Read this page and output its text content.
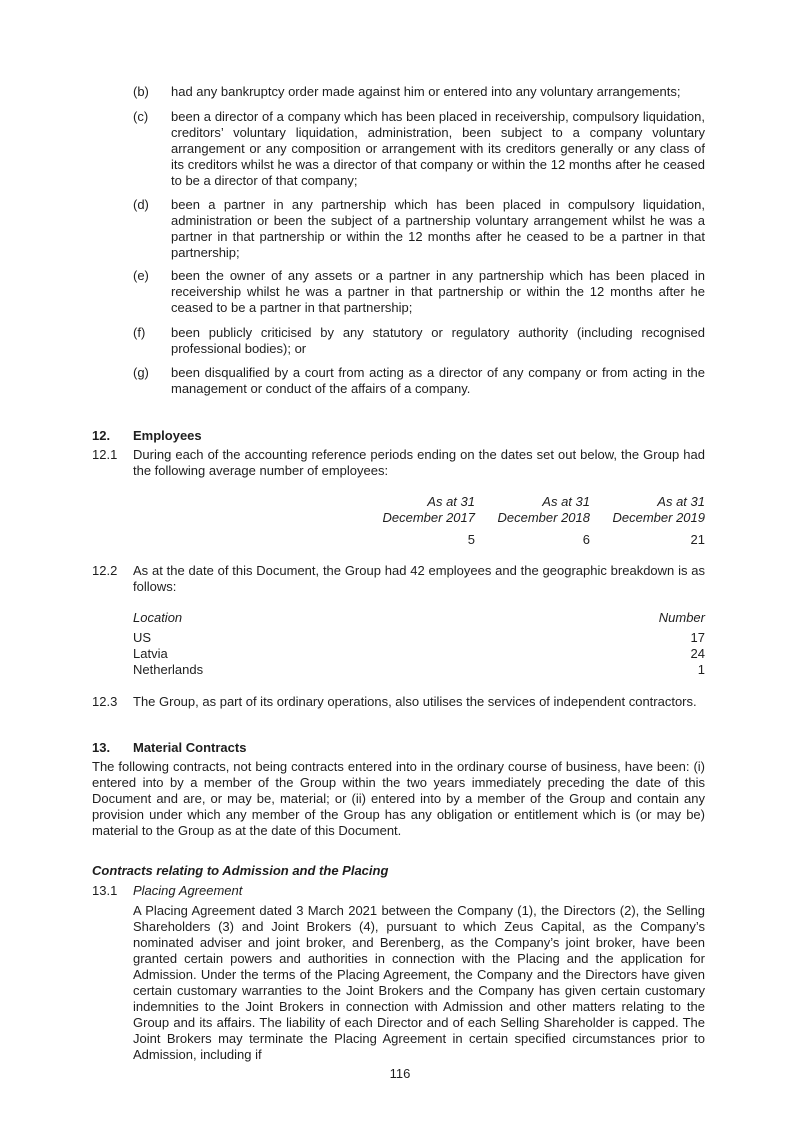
(b) had any bankruptcy order made against him or entered into any voluntary arrangements;

(c) been a director of a company which has been placed in receivership, compulsory liquidation, creditors’ voluntary liquidation, administration, been subject to a company voluntary arrangement or any composition or arrangement with its creditors generally or any class of its creditors whilst he was a director of that company or within the 12 months after he ceased to be a director of that company;

(d) been a partner in any partnership which has been placed in compulsory liquidation, administration or been the subject of a partnership voluntary arrangement whilst he was a partner in that partnership or within the 12 months after he ceased to be a partner in that partnership;

(e) been the owner of any assets or a partner in any partnership which has been placed in receivership whilst he was a partner in that partnership or within the 12 months after he ceased to be a partner in that partnership;

(f) been publicly criticised by any statutory or regulatory authority (including recognised professional bodies); or

(g) been disqualified by a court from acting as a director of any company or from acting in the management or conduct of the affairs of a company.

12. Employees
12.1 During each of the accounting reference periods ending on the dates set out below, the Group had the following average number of employees:

As at 31	As at 31	As at 31
December 2017	December 2018	December 2019
5	6	21
12.2 As at the date of this Document, the Group had 42 employees and the geographic breakdown is as follows:

Location	Number
US	17
Latvia	24
Netherlands	1
12.3 The Group, as part of its ordinary operations, also utilises the services of independent contractors.

13. Material Contracts

The following contracts, not being contracts entered into in the ordinary course of business, have been: (i) entered into by a member of the Group within the two years immediately preceding the date of this Document and are, or may be, material; or (ii) entered into by a member of the Group and contain any provision under which any member of the Group has any obligation or entitlement which is (or may be) material to the Group as at the date of this Document.

Contracts relating to Admission and the Placing
13.1 Placing Agreement

A Placing Agreement dated 3 March 2021 between the Company (1), the Directors (2), the Selling Shareholders (3) and Joint Brokers (4), pursuant to which Zeus Capital, as the Company’s nominated adviser and joint broker, and Berenberg, as the Company’s joint broker, have been granted certain powers and authorities in connection with the Placing and the application for Admission. Under the terms of the Placing Agreement, the Company and the Directors have given certain customary warranties to the Joint Brokers and the Company has given certain customary indemnities to the Joint Brokers in connection with Admission and other matters relating to the Group and its affairs. The liability of each Director and of each Selling Shareholder is capped. The Joint Brokers may terminate the Placing Agreement in certain specified circumstances prior to Admission, including if

116
